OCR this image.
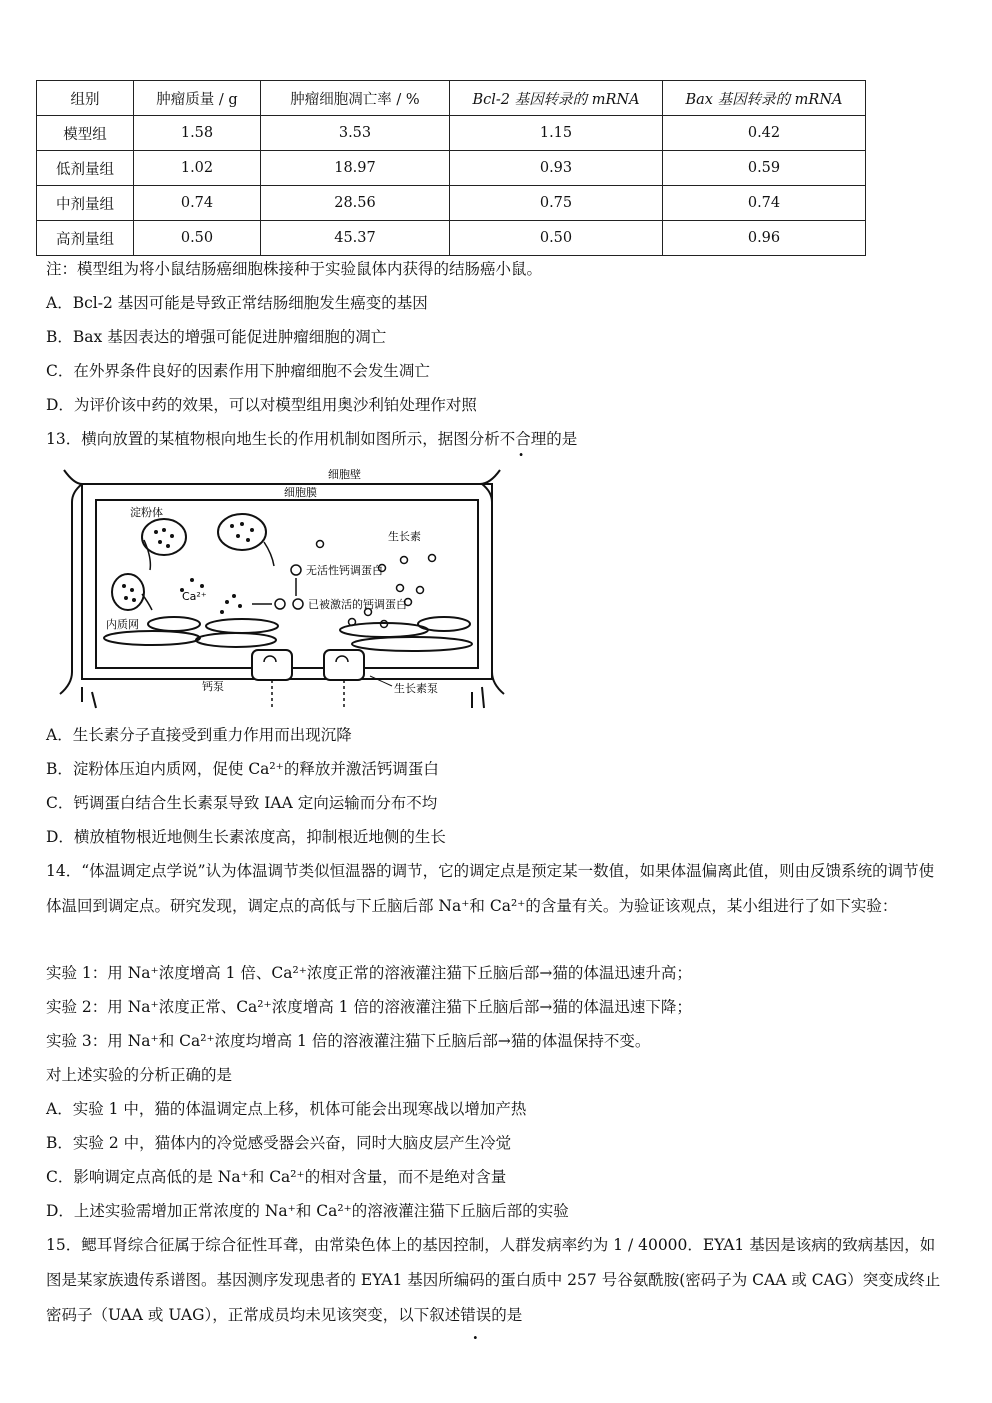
组别	肿瘤质量 / g	肿瘤细胞凋亡率 / %	Bcl-2 基因转录的 mRNA	Bax 基因转录的 mRNA
模型组	1.58	3.53	1.15	0.42
低剂量组	1.02	18.97	0.93	0.59
中剂量组	0.74	28.56	0.75	0.74
高剂量组	0.50	45.37	0.50	0.96
注：模型组为将小鼠结肠癌细胞株接种于实验鼠体内获得的结肠癌小鼠。
A．Bcl-2 基因可能是导致正常结肠细胞发生癌变的基因
B．Bax 基因表达的增强可能促进肿瘤细胞的凋亡
C．在外界条件良好的因素作用下肿瘤细胞不会发生凋亡
D．为评价该中药的效果，可以对模型组用奥沙利铂处理作对照
13．横向放置的某植物根向地生长的作用机制如图所示，据图分析不合理的是
细胞壁
细胞膜
淀粉体
Ca²⁺
生长素
无活性钙调蛋白
已被激活的钙调蛋白
内质网
钙泵	生长素泵
A．生长素分子直接受到重力作用而出现沉降
B．淀粉体压迫内质网，促使 Ca²⁺的释放并激活钙调蛋白
C．钙调蛋白结合生长素泵导致 IAA 定向运输而分布不均
D．横放植物根近地侧生长素浓度高，抑制根近地侧的生长
14．“体温调定点学说”认为体温调节类似恒温器的调节，它的调定点是预定某一数值，如果体温偏离此值，则由反馈系统的调节使体温回到调定点。研究发现，调定点的高低与下丘脑后部 Na⁺和 Ca²⁺的含量有关。为验证该观点，某小组进行了如下实验：
实验 1：用 Na⁺浓度增高 1 倍、Ca²⁺浓度正常的溶液灌注猫下丘脑后部→猫的体温迅速升高；
实验 2：用 Na⁺浓度正常、Ca²⁺浓度增高 1 倍的溶液灌注猫下丘脑后部→猫的体温迅速下降；
实验 3：用 Na⁺和 Ca²⁺浓度均增高 1 倍的溶液灌注猫下丘脑后部→猫的体温保持不变。
对上述实验的分析正确的是
A．实验 1 中，猫的体温调定点上移，机体可能会出现寒战以增加产热
B．实验 2 中，猫体内的冷觉感受器会兴奋，同时大脑皮层产生冷觉
C．影响调定点高低的是 Na⁺和 Ca²⁺的相对含量，而不是绝对含量
D．上述实验需增加正常浓度的 Na⁺和 Ca²⁺的溶液灌注猫下丘脑后部的实验
15．鳃耳肾综合征属于综合征性耳聋，由常染色体上的基因控制，人群发病率约为 1 / 40000．EYA1 基因是该病的致病基因，如图是某家族遗传系谱图。基因测序发现患者的 EYA1 基因所编码的蛋白质中 257 号谷氨酰胺(密码子为 CAA 或 CAG）突变成终止密码子（UAA 或 UAG），正常成员均未见该突变，以下叙述错误的是
